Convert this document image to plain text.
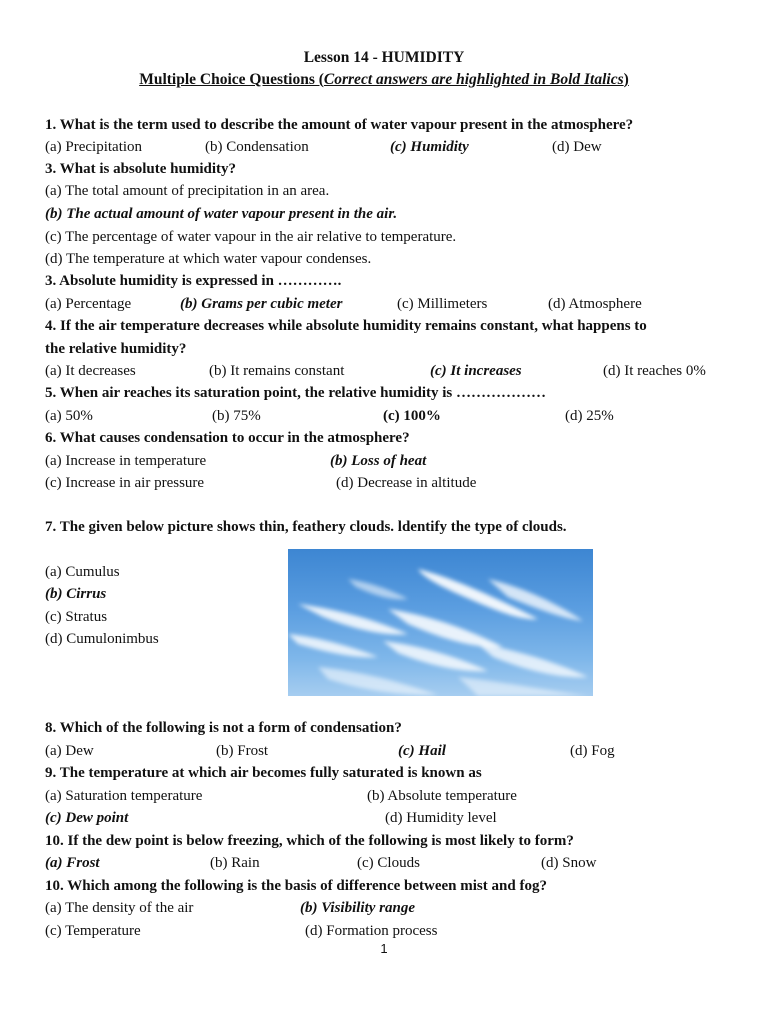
Lesson 14 - HUMIDITY
Multiple Choice Questions (Correct answers are highlighted in Bold Italics)
1. What is the term used to describe the amount of water vapour present in the atmosphere?
(a) Precipitation	(b) Condensation	(c) Humidity	(d) Dew
3. What is absolute humidity?
(a) The total amount of precipitation in an area.
(b) The actual amount of water vapour present in the air.
(c) The percentage of water vapour in the air relative to temperature.
(d) The temperature at which water vapour condenses.
3. Absolute humidity is expressed in ………….
(a) Percentage	(b) Grams per cubic meter	(c) Millimeters	(d) Atmosphere
4. If the air temperature decreases while absolute humidity remains constant, what happens to
the relative humidity?
(a) It decreases	(b) It remains constant	(c) It increases	(d) It reaches 0%
5. When air reaches its saturation point, the relative humidity is ………………
(a) 50%	(b) 75%	(c) 100%	(d) 25%
6. What causes condensation to occur in the atmosphere?
(a) Increase in temperature	(b) Loss of heat
(c) Increase in air pressure	(d) Decrease in altitude
7. The given below picture shows thin, feathery clouds. ldentify the type of clouds.
(a) Cumulus
(b) Cirrus
(c) Stratus
(d) Cumulonimbus
8. Which of the following is not a form of condensation?
(a) Dew	(b) Frost	(c) Hail	(d) Fog
9. The temperature at which air becomes fully saturated is known as
(a) Saturation temperature	(b) Absolute temperature
(c) Dew point	(d) Humidity level
10. If the dew point is below freezing, which of the following is most likely to form?
(a) Frost	(b) Rain	(c) Clouds	(d) Snow
10. Which among the following is the basis of difference between mist and fog?
(a) The density of the air	(b) Visibility range
(c) Temperature	(d) Formation process
1
